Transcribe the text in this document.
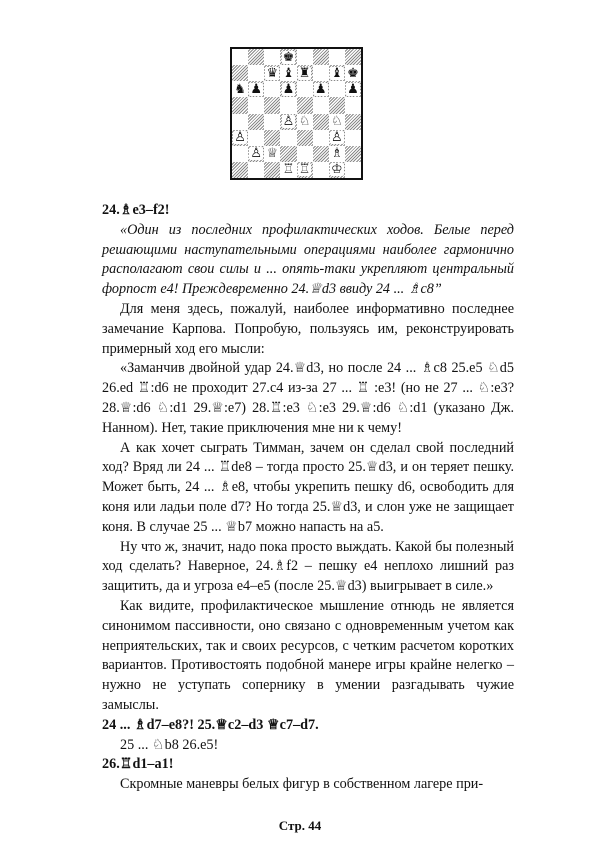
♚
♛ ♝ ♜ ♝ ♚
♞ ♟ ♟ ♟ ♟
♙ ♘ ♘
♙	♙
♙ ♕	♗
♖ ♖ ♔

24.♗e3–f2!

«Один из последних профилактических ходов. Белые перед решающими наступательными операциями наиболее гармонично располагают свои силы и ... опять-таки укрепляют центральный форпост е4! Преждевременно 24.♕d3 ввиду 24 ... ♗c8”

Для меня здесь, пожалуй, наиболее информативно последнее замечание Карпова. Попробую, пользуясь им, реконструировать примерный ход его мысли:

«Заманчив двойной удар 24.♕d3, но после 24 ... ♗c8 25.e5 ♘d5 26.ed ♖:d6 не проходит 27.c4 из-за 27 ... ♖ :e3! (но не 27 ... ♘:e3? 28.♕:d6 ♘:d1 29.♕:e7) 28.♖:e3 ♘:e3 29.♕:d6 ♘:d1 (указано Дж. Нанном). Нет, такие приключения мне ни к чему!

А как хочет сыграть Тимман, зачем он сделал свой последний ход? Вряд ли 24 ... ♖de8 – тогда просто 25.♕d3, и он теряет пешку. Может быть, 24 ... ♗e8, чтобы укрепить пешку d6, освободить для коня или ладьи поле d7? Но тогда 25.♕d3, и слон уже не защищает коня. В случае 25 ... ♕b7 можно напасть на a5.

Ну что ж, значит, надо пока просто выждать. Какой бы полезный ход сделать? Наверное, 24.♗f2 – пешку е4 неплохо лишний раз защитить, да и угроза е4–е5 (после 25.♕d3) выигрывает в силе.»

Как видите, профилактическое мышление отнюдь не является синонимом пассивности, оно связано с одновременным учетом как неприятельских, так и своих ресурсов, с четким расчетом коротких вариантов. Противостоять подобной манере игры крайне нелегко – нужно не уступать сопернику в умении разгадывать чужие замыслы.

24 ... ♗d7–e8?! 25.♕c2–d3 ♕c7–d7.

25 ... ♘b8 26.e5!

26.♖d1–a1!

Скромные маневры белых фигур в собственном лагере при-

Стр. 44
